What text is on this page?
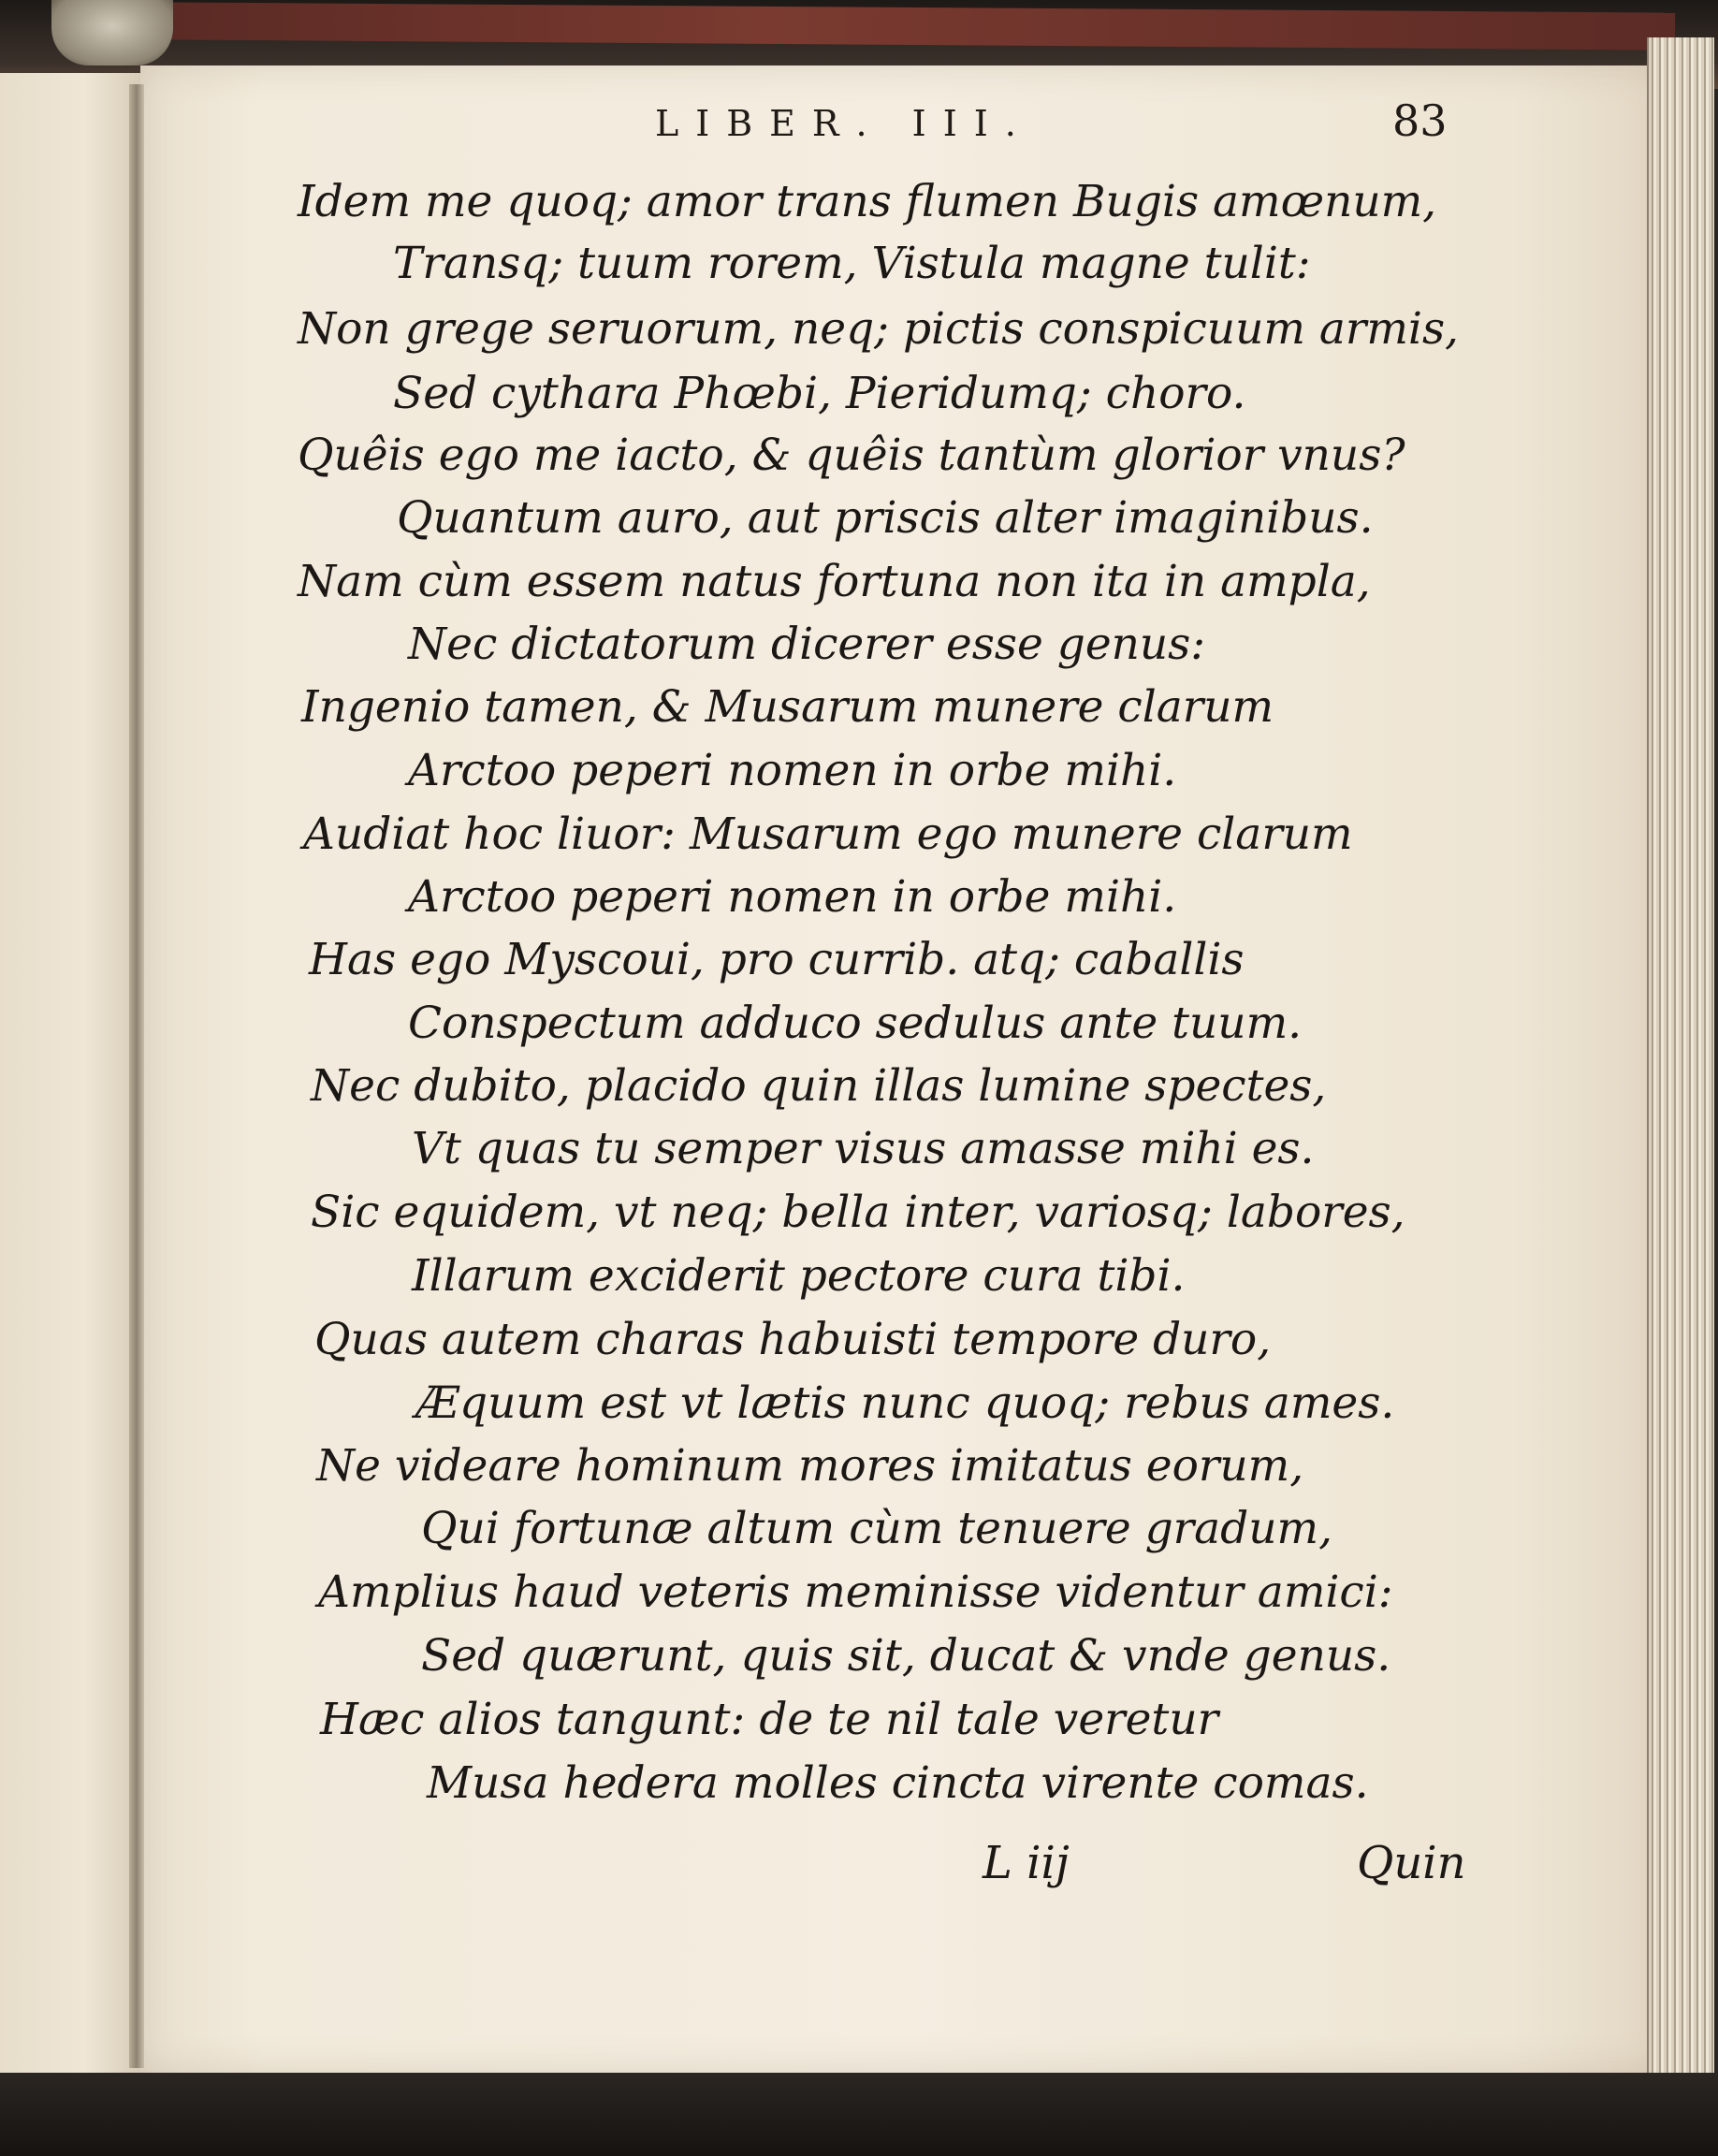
LIBER. III.	83
Idem me quoq; amor trans flumen Bugis amœnum,
Transq; tuum rorem, Vistula magne tulit:
Non grege seruorum, neq; pictis conspicuum armis,
Sed cythara Phœbi, Pieridumq; choro.
Quêis ego me iacto, & quêis tantùm glorior vnus?
Quantum auro, aut priscis alter imaginibus.
Nam cùm essem natus fortuna non ita in ampla,
Nec dictatorum dicerer esse genus:
Ingenio tamen, & Musarum munere clarum
Arctoo peperi nomen in orbe mihi.
Audiat hoc liuor: Musarum ego munere clarum
Arctoo peperi nomen in orbe mihi.
Has ego Myscoui, pro currib. atq; caballis
Conspectum adduco sedulus ante tuum.
Nec dubito, placido quin illas lumine spectes,
Vt quas tu semper visus amasse mihi es.
Sic equidem, vt neq; bella inter, variosq; labores,
Illarum exciderit pectore cura tibi.
Quas autem charas habuisti tempore duro,
Æquum est vt lætis nunc quoq; rebus ames.
Ne videare hominum mores imitatus eorum,
Qui fortunæ altum cùm tenuere gradum,
Amplius haud veteris meminisse videntur amici:
Sed quærunt, quis sit, ducat & vnde genus.
Hæc alios tangunt: de te nil tale veretur
Musa hedera molles cincta virente comas.
L iij	Quin
